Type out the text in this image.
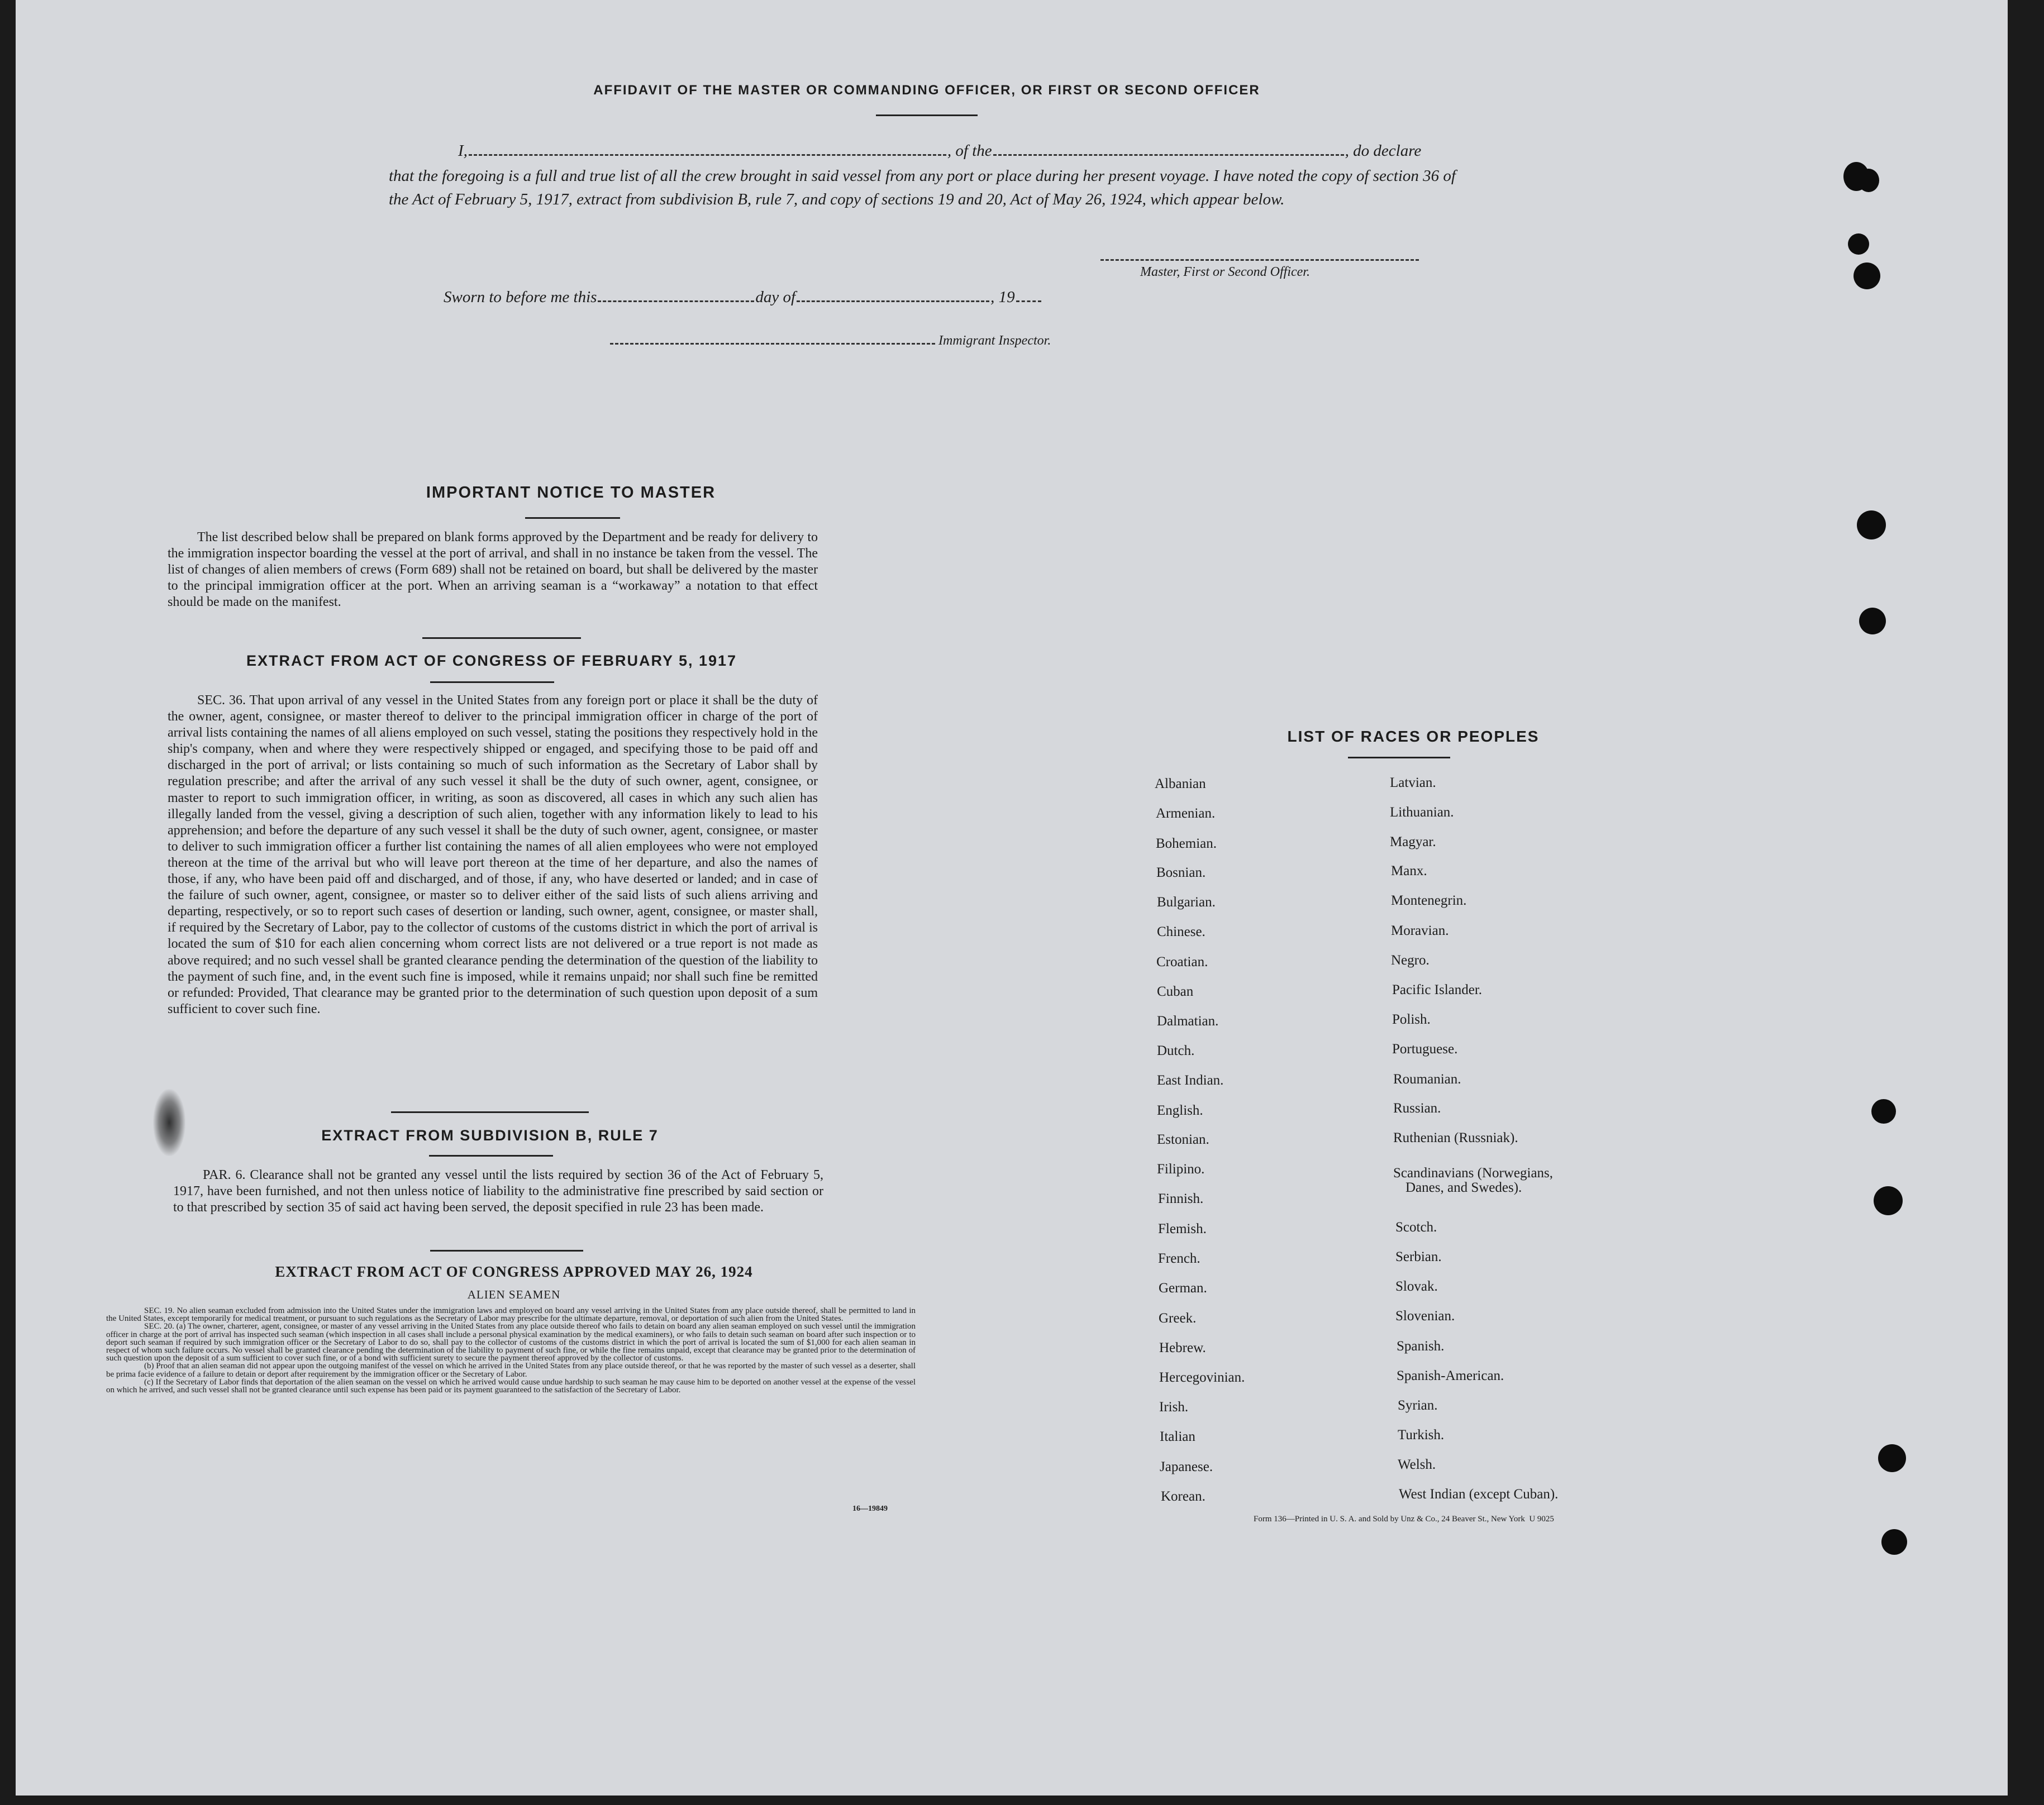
AFFIDAVIT OF THE MASTER OR COMMANDING OFFICER, OR FIRST OR SECOND OFFICER
I,	, of the	, do declare
that the foregoing is a full and true list of all the crew brought in said vessel from any port or place during her present voyage. I have noted the copy of section 36 of the Act of February 5, 1917, extract from subdivision B, rule 7, and copy of sections 19 and 20, Act of May 26, 1924, which appear below.
Master, First or Second Officer.
Sworn to before me this	day of	, 19
Immigrant Inspector.
IMPORTANT NOTICE TO MASTER
The list described below shall be prepared on blank forms approved by the Department and be ready for delivery to the immigration inspector boarding the vessel at the port of arrival, and shall in no instance be taken from the vessel. The list of changes of alien members of crews (Form 689) shall not be retained on board, but shall be delivered by the master to the principal immigration officer at the port. When an arriving seaman is a “workaway” a notation to that effect should be made on the manifest.
EXTRACT FROM ACT OF CONGRESS OF FEBRUARY 5, 1917
SEC. 36. That upon arrival of any vessel in the United States from any foreign port or place it shall be the duty of the owner, agent, consignee, or master thereof to deliver to the principal immigration officer in charge of the port of arrival lists containing the names of all aliens employed on such vessel, stating the positions they respectively hold in the ship's company, when and where they were respectively shipped or engaged, and specifying those to be paid off and discharged in the port of arrival; or lists containing so much of such information as the Secretary of Labor shall by regulation prescribe; and after the arrival of any such vessel it shall be the duty of such owner, agent, consignee, or master to report to such immigration officer, in writing, as soon as discovered, all cases in which any such alien has illegally landed from the vessel, giving a description of such alien, together with any information likely to lead to his apprehension; and before the departure of any such vessel it shall be the duty of such owner, agent, consignee, or master to deliver to such immigration officer a further list containing the names of all alien employees who were not employed thereon at the time of the arrival but who will leave port thereon at the time of her departure, and also the names of those, if any, who have been paid off and discharged, and of those, if any, who have deserted or landed; and in case of the failure of such owner, agent, consignee, or master so to deliver either of the said lists of such aliens arriving and departing, respectively, or so to report such cases of desertion or landing, such owner, agent, consignee, or master shall, if required by the Secretary of Labor, pay to the collector of customs of the customs district in which the port of arrival is located the sum of $10 for each alien concerning whom correct lists are not delivered or a true report is not made as above required; and no such vessel shall be granted clearance pending the determination of the question of the liability to the payment of such fine, and, in the event such fine is imposed, while it remains unpaid; nor shall such fine be remitted or refunded: Provided, That clearance may be granted prior to the determination of such question upon deposit of a sum sufficient to cover such fine.
EXTRACT FROM SUBDIVISION B, RULE 7
PAR. 6. Clearance shall not be granted any vessel until the lists required by section 36 of the Act of February 5, 1917, have been furnished, and not then unless notice of liability to the administrative fine prescribed by said section or to that prescribed by section 35 of said act having been served, the deposit specified in rule 23 has been made.
EXTRACT FROM ACT OF CONGRESS APPROVED MAY 26, 1924
ALIEN SEAMEN
SEC. 19. No alien seaman excluded from admission into the United States under the immigration laws and employed on board any vessel arriving in the United States from any place outside thereof, shall be permitted to land in the United States, except temporarily for medical treatment, or pursuant to such regulations as the Secretary of Labor may prescribe for the ultimate departure, removal, or deportation of such alien from the United States.
SEC. 20. (a) The owner, charterer, agent, consignee, or master of any vessel arriving in the United States from any place outside thereof who fails to detain on board any alien seaman employed on such vessel until the immigration officer in charge at the port of arrival has inspected such seaman (which inspection in all cases shall include a personal physical examination by the medical examiners), or who fails to detain such seaman on board after such inspection or to deport such seaman if required by such immigration officer or the Secretary of Labor to do so, shall pay to the collector of customs of the customs district in which the port of arrival is located the sum of $1,000 for each alien seaman in respect of whom such failure occurs. No vessel shall be granted clearance pending the determination of the liability to payment of such fine, or while the fine remains unpaid, except that clearance may be granted prior to the determination of such question upon the deposit of a sum sufficient to cover such fine, or of a bond with sufficient surety to secure the payment thereof approved by the collector of customs.
(b) Proof that an alien seaman did not appear upon the outgoing manifest of the vessel on which he arrived in the United States from any place outside thereof, or that he was reported by the master of such vessel as a deserter, shall be prima facie evidence of a failure to detain or deport after requirement by the immigration officer or the Secretary of Labor.
(c) If the Secretary of Labor finds that deportation of the alien seaman on the vessel on which he arrived would cause undue hardship to such seaman he may cause him to be deported on another vessel at the expense of the vessel on which he arrived, and such vessel shall not be granted clearance until such expense has been paid or its payment guaranteed to the satisfaction of the Secretary of Labor.
16—19849
LIST OF RACES OR PEOPLES
Albanian
Armenian.
Bohemian.
Bosnian.
Bulgarian.
Chinese.
Croatian.
Cuban
Dalmatian.
Dutch.
East Indian.
English.
Estonian.
Filipino.
Finnish.
Flemish.
French.
German.
Greek.
Hebrew.
Hercegovinian.
Irish.
Italian
Japanese.
Korean.
Latvian.
Lithuanian.
Magyar.
Manx.
Montenegrin.
Moravian.
Negro.
Pacific Islander.
Polish.
Portuguese.
Roumanian.
Russian.
Ruthenian (Russniak).
Scandinavians (Norwegians,
Danes, and Swedes).
Scotch.
Serbian.
Slovak.
Slovenian.
Spanish.
Spanish-American.
Syrian.
Turkish.
Welsh.
West Indian (except Cuban).
Form 136—Printed in U. S. A. and Sold by Unz & Co., 24 Beaver St., New York U 9025
